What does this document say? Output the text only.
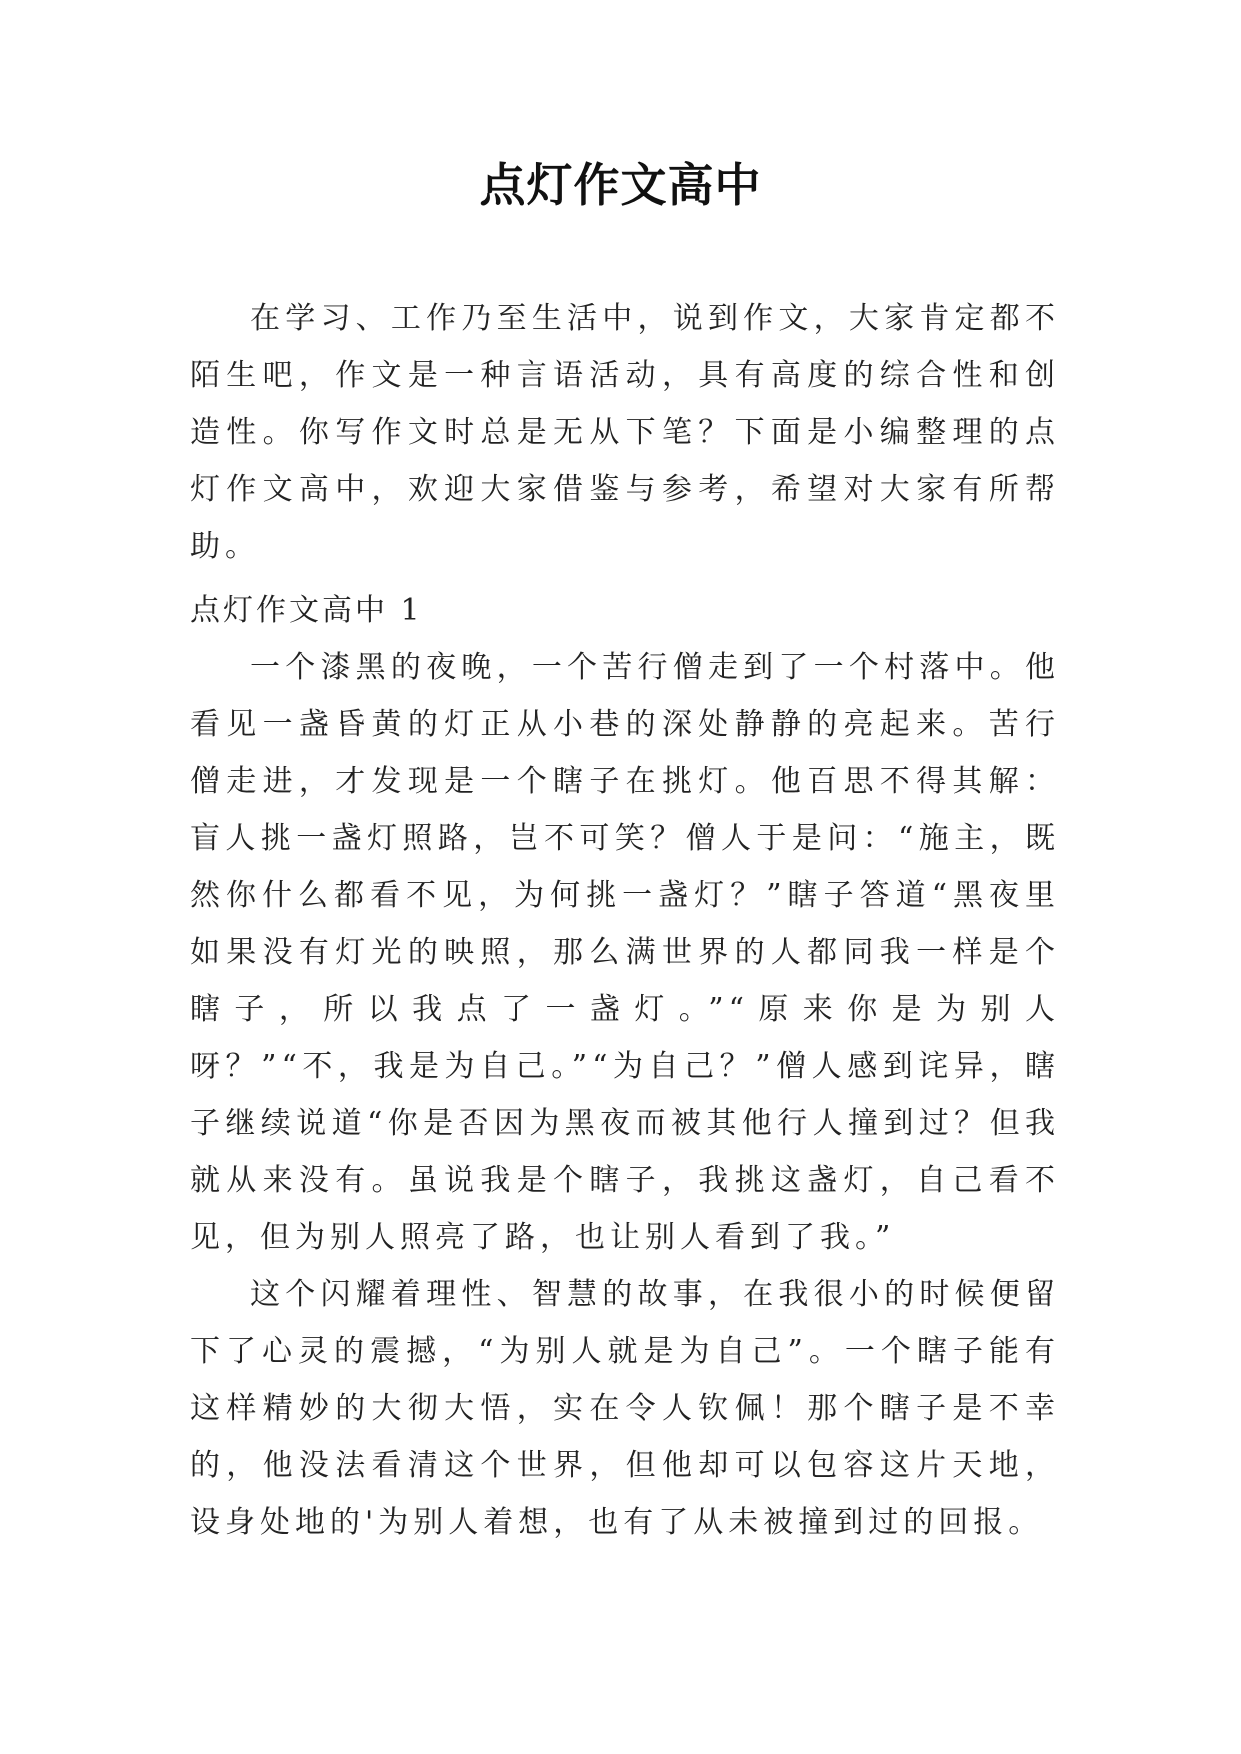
点灯作文高中

在学习、工作乃至生活中，说到作文，大家肯定都不陌生吧，作文是一种言语活动，具有高度的综合性和创造性。你写作文时总是无从下笔？下面是小编整理的点灯作文高中，欢迎大家借鉴与参考，希望对大家有所帮助。

点灯作文高中 1

一个漆黑的夜晚，一个苦行僧走到了一个村落中。他看见一盏昏黄的灯正从小巷的深处静静的亮起来。苦行僧走进，才发现是一个瞎子在挑灯。他百思不得其解：盲人挑一盏灯照路，岂不可笑？僧人于是问：“施主，既然你什么都看不见，为何挑一盏灯？”瞎子答道“黑夜里如果没有灯光的映照，那么满世界的人都同我一样是个瞎子，所以我点了一盏灯。”“原来你是为别人呀？”“不，我是为自己。”“为自己？”僧人感到诧异，瞎子继续说道“你是否因为黑夜而被其他行人撞到过？但我就从来没有。虽说我是个瞎子，我挑这盏灯，自己看不见，但为别人照亮了路，也让别人看到了我。”

这个闪耀着理性、智慧的故事，在我很小的时候便留下了心灵的震撼，“为别人就是为自己”。一个瞎子能有这样精妙的大彻大悟，实在令人钦佩！那个瞎子是不幸的，他没法看清这个世界，但他却可以包容这片天地，设身处地的'为别人着想，也有了从未被撞到过的回报。
